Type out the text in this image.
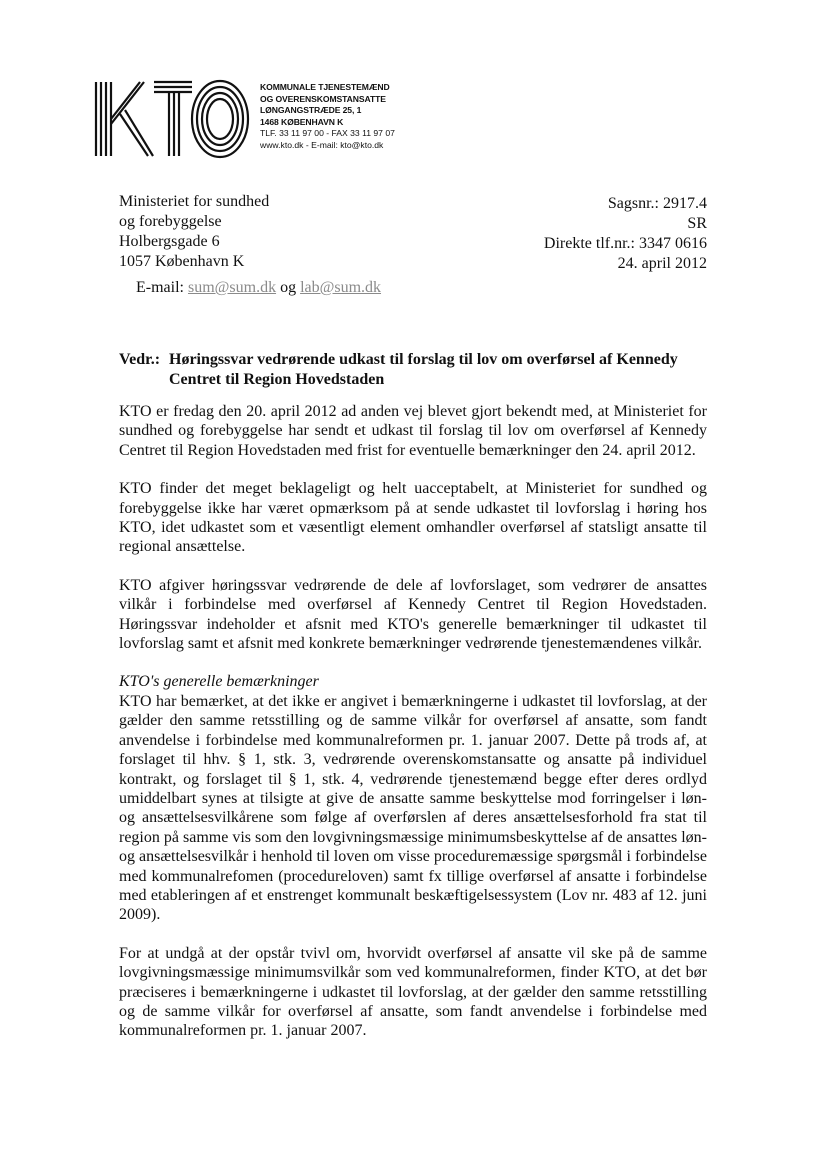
KOMMUNALE TJENESTEMÆND
OG OVERENSKOMSTANSATTE
LØNGANGSTRÆDE 25, 1
1468 KØBENHAVN K
TLF. 33 11 97 00 - FAX 33 11 97 07
www.kto.dk - E-mail: kto@kto.dk
Ministeriet for sundhed
og forebyggelse
Holbergsgade 6
1057 København K
Sagsnr.: 2917.4
SR
Direkte tlf.nr.: 3347 0616
24. april 2012
E-mail: sum@sum.dk og lab@sum.dk
Vedr.: Høringssvar vedrørende udkast til forslag til lov om overførsel af Kennedy Centret til Region Hovedstaden

KTO er fredag den 20. april 2012 ad anden vej blevet gjort bekendt med, at Ministeriet for sundhed og forebyggelse har sendt et udkast til forslag til lov om overførsel af Kennedy Centret til Region Hovedstaden med frist for eventuelle bemærkninger den 24. april 2012.

KTO finder det meget beklageligt og helt uacceptabelt, at Ministeriet for sundhed og forebyggelse ikke har været opmærksom på at sende udkastet til lovforslag i høring hos KTO, idet udkastet som et væsentligt element omhandler overførsel af statsligt ansatte til regional ansættelse.

KTO afgiver høringssvar vedrørende de dele af lovforslaget, som vedrører de ansattes vilkår i forbindelse med overførsel af Kennedy Centret til Region Hovedstaden. Høringssvar indeholder et afsnit med KTO's generelle bemærkninger til udkastet til lovforslag samt et afsnit med konkrete bemærkninger vedrørende tjenestemændenes vilkår.

KTO's generelle bemærkninger

KTO har bemærket, at det ikke er angivet i bemærkningerne i udkastet til lovforslag, at der gælder den samme retsstilling og de samme vilkår for overførsel af ansatte, som fandt anvendelse i forbindelse med kommunalreformen pr. 1. januar 2007. Dette på trods af, at forslaget til hhv. § 1, stk. 3, vedrørende overenskomstansatte og ansatte på individuel kontrakt, og forslaget til § 1, stk. 4, vedrørende tjenestemænd begge efter deres ordlyd umiddelbart synes at tilsigte at give de ansatte samme beskyttelse mod forringelser i løn- og ansættelsesvilkårene som følge af overførslen af deres ansættelsesforhold fra stat til region på samme vis som den lovgivningsmæssige minimumsbeskyttelse af de ansattes løn-og ansættelsesvilkår i henhold til loven om visse proceduremæssige spørgsmål i forbindelse med kommunalrefomen (procedureloven) samt fx tillige overførsel af ansatte i forbindelse med etableringen af et enstrenget kommunalt beskæftigelsessystem (Lov nr. 483 af 12. juni 2009).

For at undgå at der opstår tvivl om, hvorvidt overførsel af ansatte vil ske på de samme lovgivningsmæssige minimumsvilkår som ved kommunalreformen, finder KTO, at det bør præciseres i bemærkningerne i udkastet til lovforslag, at der gælder den samme retsstilling og de samme vilkår for overførsel af ansatte, som fandt anvendelse i forbindelse med kommunalreformen pr. 1. januar 2007.
